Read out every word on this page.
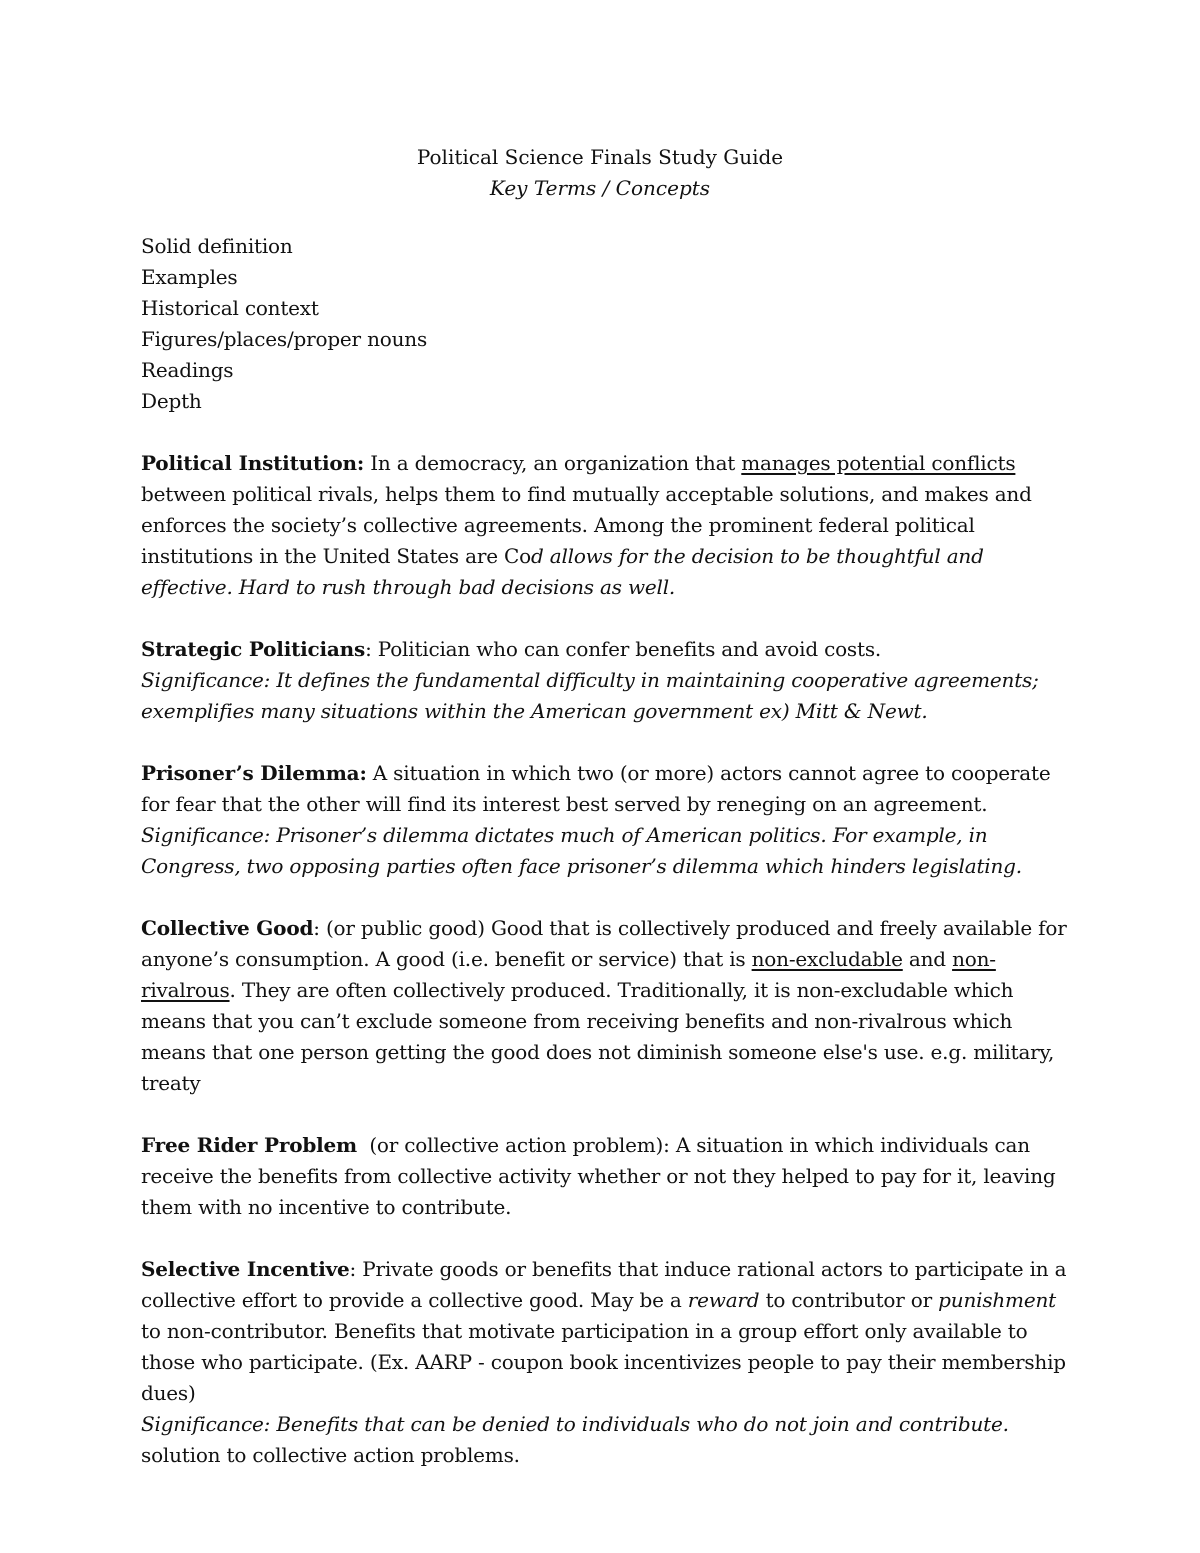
Political Science Finals Study Guide
Key Terms / Concepts
Solid definition
Examples
Historical context
Figures/places/proper nouns
Readings
Depth

Political Institution: In a democracy, an organization that manages potential conflicts between political rivals, helps them to find mutually acceptable solutions, and makes and enforces the society’s collective agreements. Among the prominent federal political institutions in the United States are Cod allows for the decision to be thoughtful and effective. Hard to rush through bad decisions as well.

Strategic Politicians: Politician who can confer benefits and avoid costs.

Significance: It defines the fundamental difficulty in maintaining cooperative agreements; exemplifies many situations within the American government ex) Mitt & Newt.

Prisoner’s Dilemma: A situation in which two (or more) actors cannot agree to cooperate for fear that the other will find its interest best served by reneging on an agreement.

Significance: Prisoner’s dilemma dictates much of American politics. For example, in Congress, two opposing parties often face prisoner’s dilemma which hinders legislating.

Collective Good: (or public good) Good that is collectively produced and freely available for anyone’s consumption. A good (i.e. benefit or service) that is non-excludable and non-rivalrous. They are often collectively produced. Traditionally, it is non-excludable which means that you can’t exclude someone from receiving benefits and non-rivalrous which means that one person getting the good does not diminish someone else's use. e.g. military, treaty

Free Rider Problem  (or collective action problem): A situation in which individuals can receive the benefits from collective activity whether or not they helped to pay for it, leaving them with no incentive to contribute.

Selective Incentive: Private goods or benefits that induce rational actors to participate in a collective effort to provide a collective good. May be a reward to contributor or punishment to non-contributor. Benefits that motivate participation in a group effort only available to those who participate. (Ex. AARP - coupon book incentivizes people to pay their membership dues)

Significance: Benefits that can be denied to individuals who do not join and contribute. solution to collective action problems.
